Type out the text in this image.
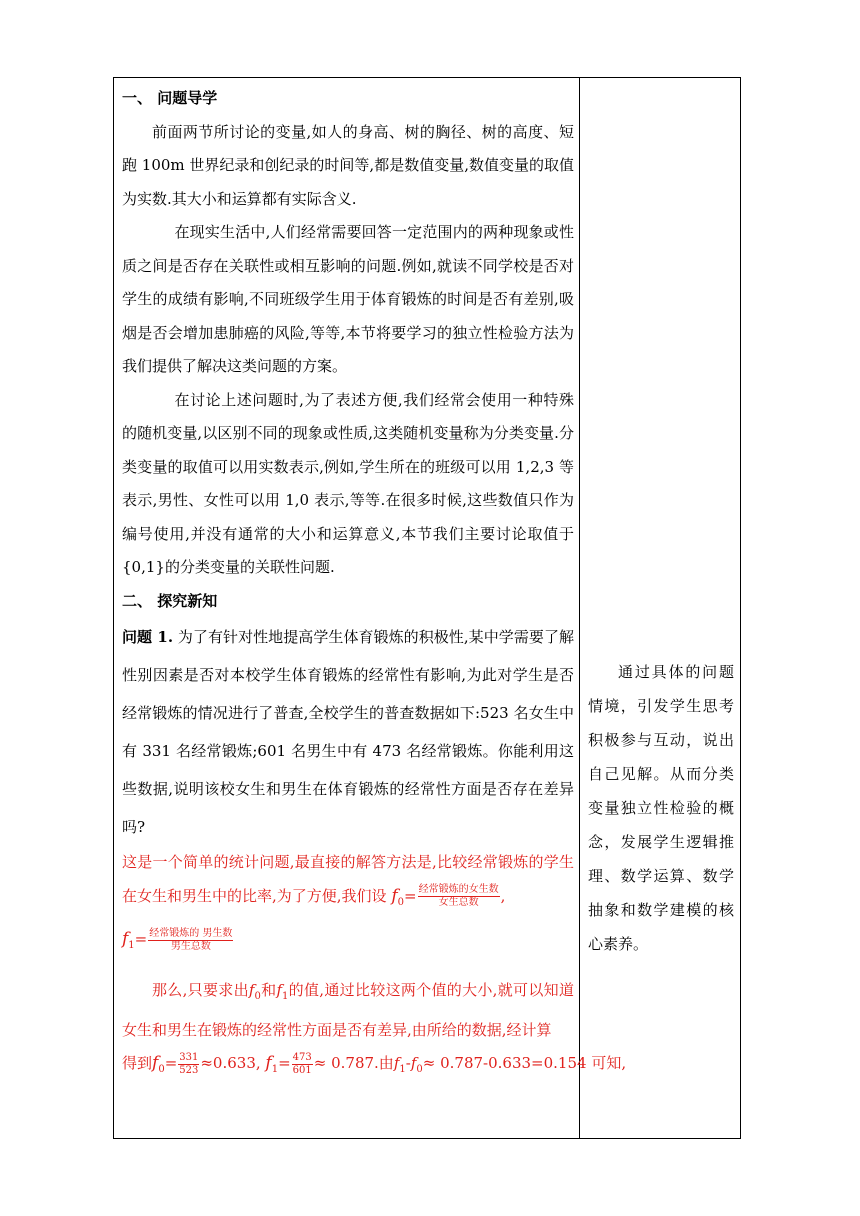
一、 问题导学

前面两节所讨论的变量,如人的身高、树的胸径、树的高度、短跑 100m 世界纪录和创纪录的时间等,都是数值变量,数值变量的取值为实数.其大小和运算都有实际含义.

在现实生活中,人们经常需要回答一定范围内的两种现象或性质之间是否存在关联性或相互影响的问题.例如,就读不同学校是否对学生的成绩有影响,不同班级学生用于体育锻炼的时间是否有差别,吸烟是否会增加患肺癌的风险,等等,本节将要学习的独立性检验方法为我们提供了解决这类问题的方案。

在讨论上述问题时,为了表述方便,我们经常会使用一种特殊的随机变量,以区别不同的现象或性质,这类随机变量称为分类变量.分类变量的取值可以用实数表示,例如,学生所在的班级可以用 1,2,3 等表示,男性、女性可以用 1,0 表示,等等.在很多时候,这些数值只作为编号使用,并没有通常的大小和运算意义,本节我们主要讨论取值于{0,1}的分类变量的关联性问题.

二、 探究新知

问题 1. 为了有针对性地提高学生体育锻炼的积极性,某中学需要了解性别因素是否对本校学生体育锻炼的经常性有影响,为此对学生是否经常锻炼的情况进行了普查,全校学生的普查数据如下:523 名女生中有 331 名经常锻炼;601 名男生中有 473 名经常锻炼。你能利用这些数据,说明该校女生和男生在体育锻炼的经常性方面是否存在差异吗?

这是一个简单的统计问题,最直接的解答方法是,比较经常锻炼的学生在女生和男生中的比率,为了方便,我们设 $f_0= \frac{\text{经常锻炼的女生数}}{\text{女生总数}}$ ,

$f_1= \frac{\text{经常锻炼的 男生数}}{\text{男生总数}}$

那么,只要求出$f_0$和$f_1$的值,通过比较这两个值的大小,就可以知道女生和男生在锻炼的经常性方面是否有差异,由所给的数据,经计算

得到$f_0= \frac{331}{523} \approx 0.633$, $f_1= \frac{473}{601} \approx 0.787$.由$f_1-f_0\approx 0.787-0.633=0.154$ 可知,

通过具体的问题情境，引发学生思考积极参与互动，说出自己见解。从而分类变量独立性检验的概念，发展学生逻辑推理、数学运算、数学抽象和数学建模的核心素养。
